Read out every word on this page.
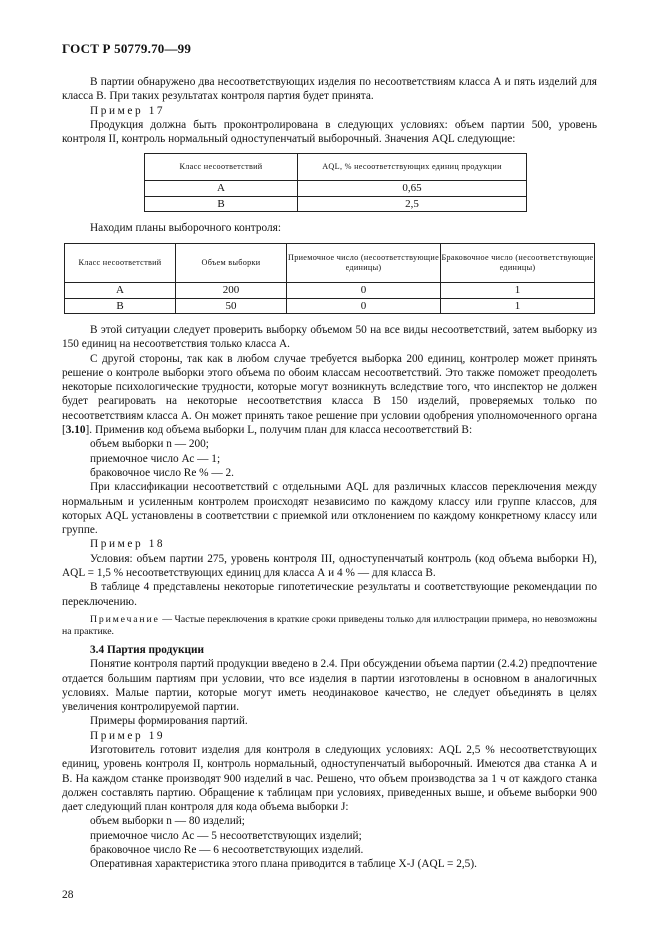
ГОСТ Р 50779.70—99

В партии обнаружено два несоответствующих изделия по несоответствиям класса А и пять изделий для класса В. При таких результатах контроля партия будет принята.

Пример 17

Продукция должна быть проконтролирована в следующих условиях: объем партии 500, уровень контроля II, контроль нормальный одноступенчатый выборочный. Значения AQL следующие:

Класс несоответствий	AQL, % несоответствующих единиц продукции
А	0,65
В	2,5

Находим планы выборочного контроля:

Класс несоответствий	Объем выборки	Приемочное число (несоответствующие единицы)	Браковочное число (несоответствующие единицы)
А	200	0	1
В	50	0	1

В этой ситуации следует проверить выборку объемом 50 на все виды несоответствий, затем выборку из 150 единиц на несоответствия только класса А.

С другой стороны, так как в любом случае требуется выборка 200 единиц, контролер может принять решение о контроле выборки этого объема по обоим классам несоответствий. Это также поможет преодолеть некоторые психологические трудности, которые могут возникнуть вследствие того, что инспектор не должен будет реагировать на некоторые несоответствия класса В 150 изделий, проверяемых только по несоответствиям класса А. Он может принять такое решение при условии одобрения уполномоченного органа [3.10]. Применив код объема выборки L, получим план для класса несоответствий В:

объем выборки n — 200;

приемочное число Ас — 1;

браковочное число Re % — 2.

При классификации несоответствий с отдельными AQL для различных классов переключения между нормальным и усиленным контролем происходят независимо по каждому классу или группе классов, для которых AQL установлены в соответствии с приемкой или отклонением по каждому конкретному классу или группе.

Пример 18

Условия: объем партии 275, уровень контроля III, одноступенчатый контроль (код объема выборки Н), AQL = 1,5 % несоответствующих единиц для класса А и 4 % — для класса В.

В таблице 4 представлены некоторые гипотетические результаты и соответствующие рекомендации по переключению.

Примечание — Частые переключения в краткие сроки приведены только для иллюстрации примера, но невозможны на практике.

3.4 Партия продукции

Понятие контроля партий продукции введено в 2.4. При обсуждении объема партии (2.4.2) предпочтение отдается большим партиям при условии, что все изделия в партии изготовлены в основном в аналогичных условиях. Малые партии, которые могут иметь неодинаковое качество, не следует объединять в целях увеличения контролируемой партии.

Примеры формирования партий.

Пример 19

Изготовитель готовит изделия для контроля в следующих условиях: AQL 2,5 % несоответствующих единиц, уровень контроля II, контроль нормальный, одноступенчатый выборочный. Имеются два станка А и В. На каждом станке производят 900 изделий в час. Решено, что объем производства за 1 ч от каждого станка должен составлять партию. Обращение к таблицам при условиях, приведенных выше, и объеме выборки 900 дает следующий план контроля для кода объема выборки J:

объем выборки n — 80 изделий;

приемочное число Ас — 5 несоответствующих изделий;

браковочное число Re — 6 несоответствующих изделий.

Оперативная характеристика этого плана приводится в таблице X-J (AQL = 2,5).

28
